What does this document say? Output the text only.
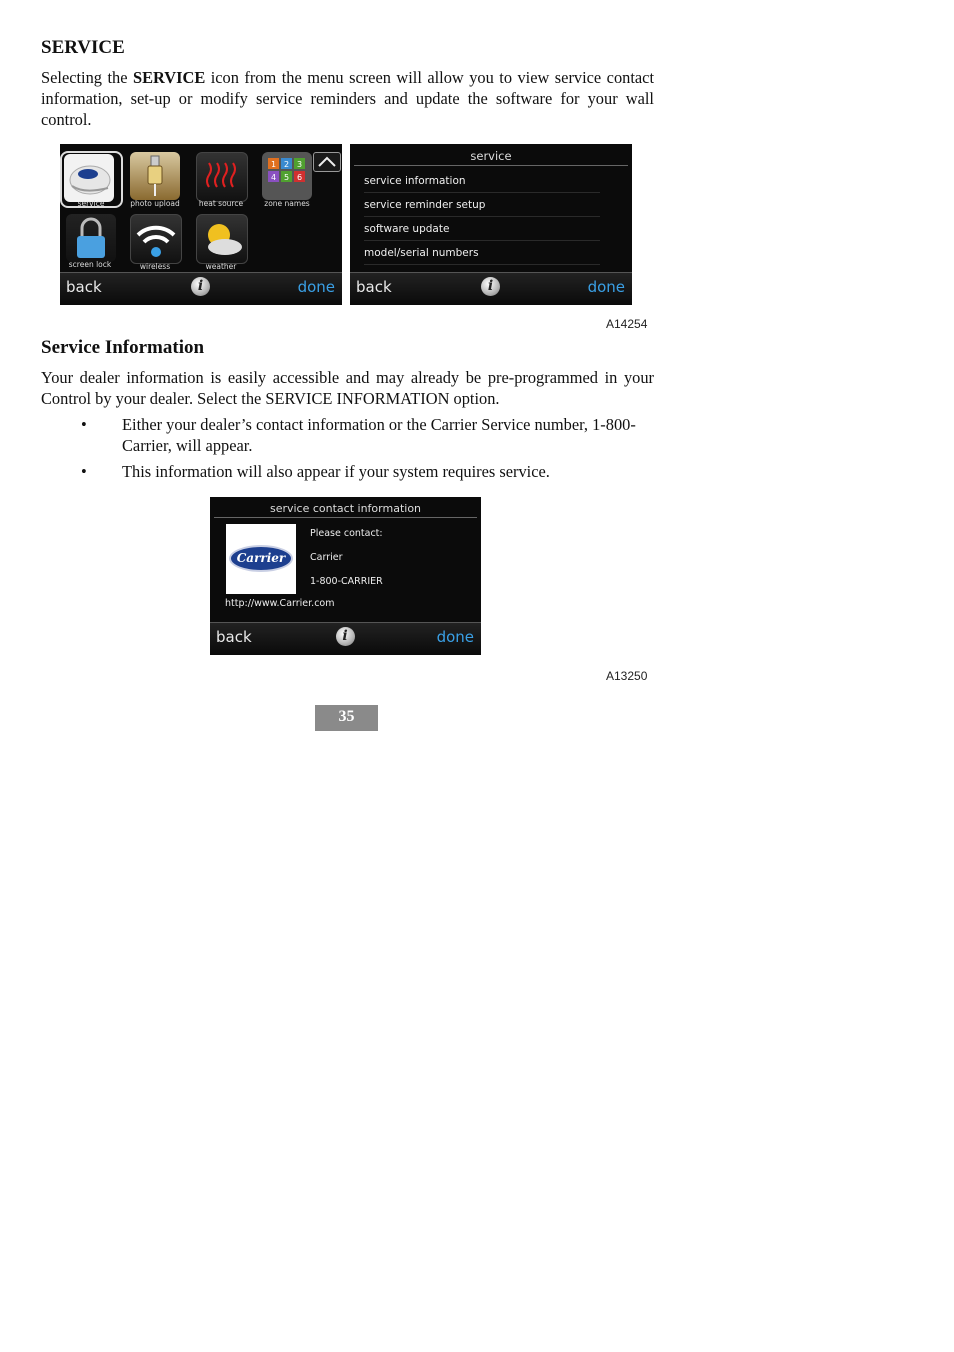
SERVICE
Selecting the SERVICE icon from the menu screen will allow you to view service contact information, set-up or modify service reminders and update the software for your wall control.
service	photo upload	heat source
1 2 3
4 5 6
zone names
screen lock	wireless	weather
back	i	done
service
service information
service reminder setup
software update
model/serial numbers
back	i	done
A14254
Service Information
Your dealer information is easily accessible and may already be pre-programmed in your Control by your dealer. Select the SERVICE INFORMATION option.
• Either your dealer’s contact information or the Carrier Service number, 1-800-Carrier, will appear.
• This information will also appear if your system requires service.
service contact information
Carrier
Please contact:
Carrier
1-800-CARRIER
http://www.Carrier.com
back	i	done
A13250
35
